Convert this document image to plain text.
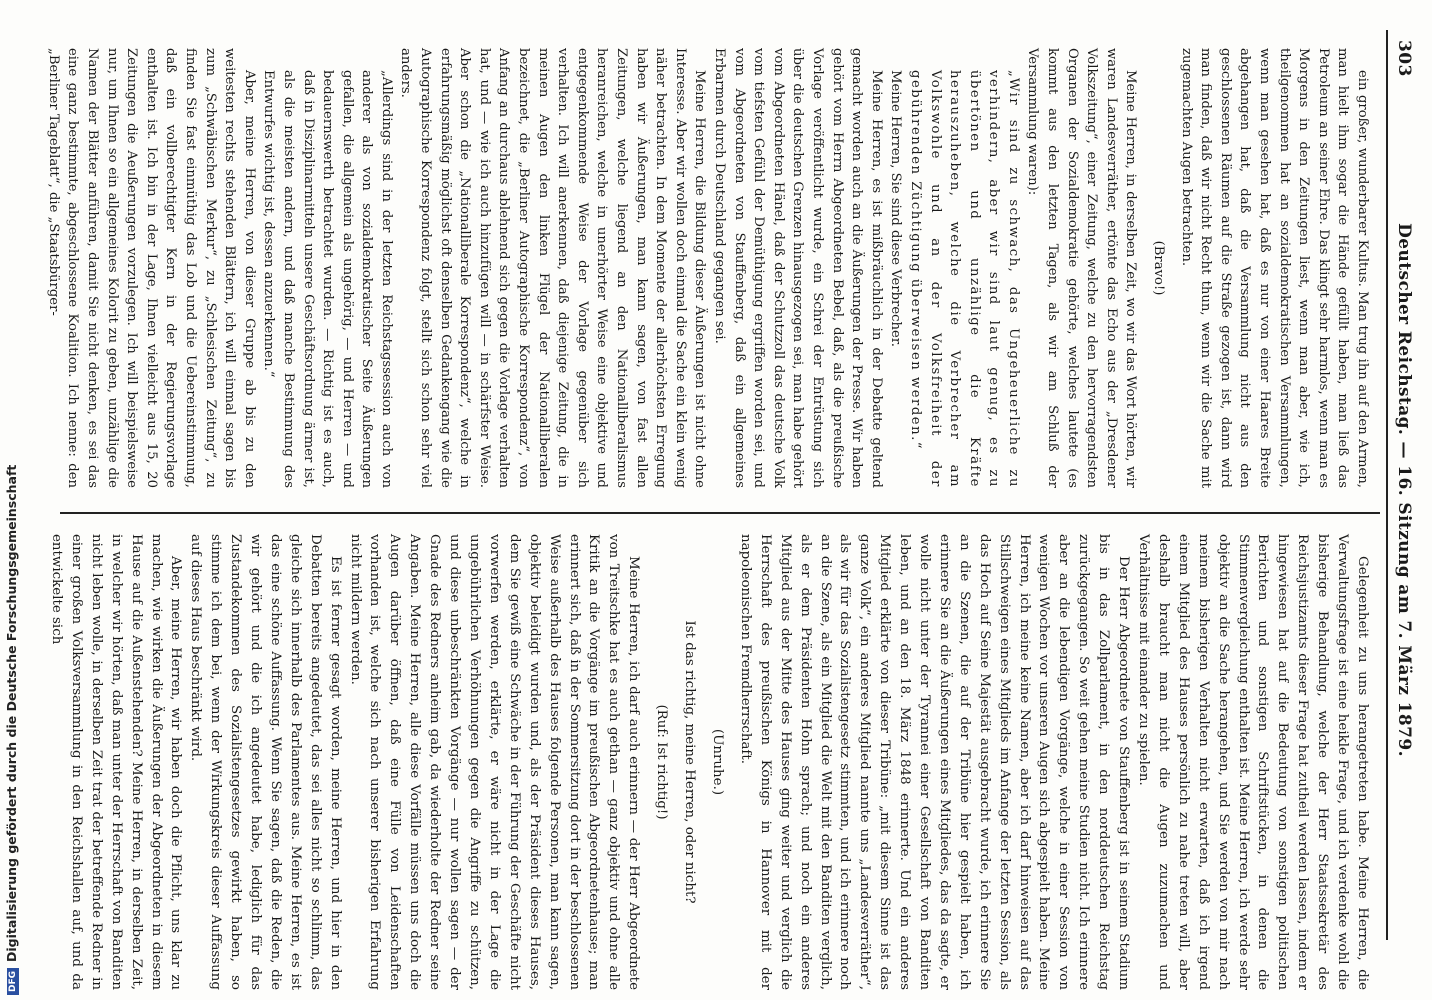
303
Deutscher Reichstag. — 16. Sitzung am 7. März 1879.

ein großer, wunderbarer Kultus. Man trug ihn auf den Armen, man hielt ihm sogar die Hände gefüllt haben, man ließ das Petroleum an seiner Ehre. Das klingt sehr harmlos, wenn man es Morgens in den Zeitungen liest, wenn man aber, wie ich, theilgenommen hat an sozialdemokratischen Versammlungen, wenn man gesehen hat, daß es nur von einer Haares Breite abgehangen hat, daß die Versammlung nicht aus den geschlossenen Räumen auf die Straße gezogen ist, dann wird man finden, daß wir nicht Recht thun, wenn wir die Sache mit zugemachten Augen betrachten.

(Bravo!)

Meine Herren, in derselben Zeit, wo wir das Wort hörten, wir waren Landesverräther, ertönte das Echo aus der „Dresdener Volkszeitung“, einer Zeitung, welche zu den hervorragendsten Organen der Sozialdemokratie gehörte, welches lautete (es kommt aus den letzten Tagen, als wir am Schluß der Versammlung waren):

„Wir sind zu schwach, das Ungeheuerliche zu verhindern, aber wir sind laut genug, es zu übertönen und unzählige die Kräfte herauszuheben, welche die Verbrecher am Volkswohle und an der Volksfreiheit der gebührenden Züchtigung überweisen werden.“

Meine Herren, Sie sind diese Verbrecher.

Meine Herren, es ist mißbräuchlich in der Debatte geltend gemacht worden auch an die Äußerungen der Presse. Wir haben gehört vom Herrn Abgeordneten Bebel, daß, als die preußische Vorlage veröffentlicht wurde, ein Schrei der Entrüstung sich über die deutschen Grenzen hinausgezogen sei, man habe gehört vom Abgeordneten Hänel, daß der Schutzzoll das deutsche Volk vom tiefsten Gefühl der Demüthigung ergriffen worden sei, und vom Abgeordneten von Stauffenberg, daß ein allgemeines Erbarmen durch Deutschland gegangen sei.

Meine Herren, die Bildung dieser Äußerungen ist nicht ohne Interesse. Aber wir wollen doch einmal die Sache ein klein wenig näher betrachten. In dem Momente der allerhöchsten Erregung haben wir Äußerungen, man kann sagen, von fast allen Zeitungen, welche liegend an den Nationalliberalismus heranreichen, welche in unerhörter Weise eine objektive und entgegenkommende Weise der Vorlage gegenüber sich verhalten. Ich will anerkennen, daß diejenige Zeitung, die in meinen Augen den linken Flügel der Nationalliberalen bezeichnet, die „Berliner Autographische Korrespondenz“, von Anfang an durchaus ablehnend sich gegen die Vorlage verhalten hat, und — wie ich auch hinzufügen will — in schärfster Weise. Aber schon die „Nationalliberale Korrespondenz“, welche in erfahrungsmäßig möglichst oft denselben Gedankengang wie die Autographische Korrespondenz folgt, stellt sich schon sehr viel anders.

„Allerdings sind in der letzten Reichstagssession auch von anderer als von sozialdemokratischer Seite Äußerungen gefallen, die allgemein als ungehörig, — und Herren — und bedauernswerth betrachtet wurden. — Richtig ist es auch, daß in Disziplinarmitteln unsere Geschäftsordnung ärmer ist, als die meisten andern, und daß manche Bestimmung des Entwurfes wichtig ist, dessen anzuerkennen.“

Aber, meine Herren, von dieser Gruppe ab bis zu den weitesten rechts stehenden Blättern, ich will einmal sagen bis zum „Schwäbischen Merkur“, zu „Schlesischen Zeitung“, zu finden Sie fast einmüthig das Lob und die Uebereinstimmung, daß ein vollberechtigter Kern in der Regierungsvorlage enthalten ist. Ich bin in der Lage, Ihnen vielleicht aus 15, 20 Zeitungen die Aeußerungen vorzulegen. Ich will beispielsweise nur, um Ihnen so ein allgemeines Kolorit zu geben, unzählige die Namen der Blätter anführen, damit Sie nicht denken, es sei das eine ganz bestimmte, abgeschlossene Koalition. Ich nenne: den „Berliner Tageblatt“, die „Staatsbürger-

Gelegenheit zu uns herangetreten habe. Meine Herren, die Verwaltungsfrage ist eine heikle Frage, und ich verdenke wohl die bisherige Behandlung, welche der Herr Staatssekretär des Reichsjustizamts dieser Frage hat zutheil werden lassen, indem er hingewiesen hat auf die Bedeutung von sonstigen politischen Berichten und sonstigen Schriftstücken, in denen die Stimmenvergleichung enthalten ist. Meine Herren, ich werde sehr objektiv an die Sache herangehen, und Sie werden von mir nach meinem bisherigen Verhalten nicht erwarten, daß ich irgend einem Mitglied des Hauses persönlich zu nahe treten will, aber deshalb braucht man nicht die Augen zuzumachen und Verhältnisse mit einander zu spielen.

Der Herr Abgeordnete von Stauffenberg ist in seinem Stadium bis in das Zollparlament, in den norddeutschen Reichstag zurückgegangen. So weit gehen meine Studien nicht. Ich erinnere aber an die lebendigen Vorgänge, welche in einer Session von wenigen Wochen vor unseren Augen sich abgespielt haben. Meine Herren, ich meine keine Namen, aber ich darf hinweisen auf das Stillschweigen eines Mitglieds im Anfange der letzten Session, als das Hoch auf Seine Majestät ausgebracht wurde, ich erinnere Sie an die Szenen, die auf der Tribüne hier gespielt haben, ich erinnere Sie an die Äußerungen eines Mitgliedes, das da sagte, er wolle nicht unter der Tyrannei einer Gesellschaft von Banditen leben, und an den 18. März 1848 erinnerte. Und ein anderes Mitglied erklärte von dieser Tribüne: „mit diesem Sinne ist das ganze Volk“, ein anderes Mitglied nannte uns „Landesverräther“, als wir für das Sozialistengesetz stimmten, und ich erinnere noch an die Szene, als ein Mitglied die Welt mit den Banditen verglich, als er dem Präsidenten Hohn sprach; und noch ein anderes Mitglied aus der Mitte des Hauses ging weiter und verglich die Herrschaft des preußischen Königs in Hannover mit der napoleonischen Fremdherrschaft.

(Unruhe.)

Ist das richtig, meine Herren, oder nicht?

(Ruf: Ist richtig!)

Meine Herren, ich darf auch erinnern — der Herr Abgeordnete von Treitschke hat es auch gethan — ganz objektiv und ohne alle Kritik an die Vorgänge im preußischen Abgeordnetenhause; man erinnert sich, daß in der Sommersitzung dort in der beschlossenen Weise außerhalb des Hauses folgende Personen, man kann sagen, objektiv beleidigt wurden und, als der Präsident dieses Hauses, dem Sie gewiß eine Schwäche in der Führung der Geschäfte nicht vorwerfen werden, erklärte, er wäre nicht in der Lage die ungebührlichen Verhöhnungen gegen die Angriffe zu schützen, und diese unbeschränkten Vorgänge — nur wollen sagen — der Gnade des Redners anheim gab, da wiederholte der Redner seine Angaben. Meine Herren, alle diese Vorfälle müssen uns doch die Augen darüber öffnen, daß eine Fülle von Leidenschaften vorhanden ist, welche sich nach unserer bisherigen Erfahrung nicht mildern werden.

Es ist ferner gesagt worden, meine Herren, und hier in den Debatten bereits angedeutet, das sei alles nicht so schlimm, das gleiche sich innerhalb des Parlamentes aus. Meine Herren, es ist das eine schöne Auffassung. Wenn Sie sagen, daß die Reden, die wir gehört und die ich angedeutet habe, lediglich für das Zustandekommen des Sozialistengesetzes gewirkt haben, so stimme ich dem bei, wenn der Wirkungskreis dieser Auffassung auf dieses Haus beschränkt wird.

Aber, meine Herren, wir haben doch die Pflicht, uns klar zu machen, wie wirken die Äußerungen der Abgeordneten in diesem Hause auf die Außenstehenden? Meine Herren, in derselben Zeit, in welcher wir hörten, daß man unter der Herrschaft von Banditen nicht leben wolle, in derselben Zeit trat der betreffende Redner in einer großen Volksversammlung in den Reichshallen auf, und da entwickelte sich

DFGDigitalisierung gefördert durch die Deutsche Forschungsgemeinschaft
